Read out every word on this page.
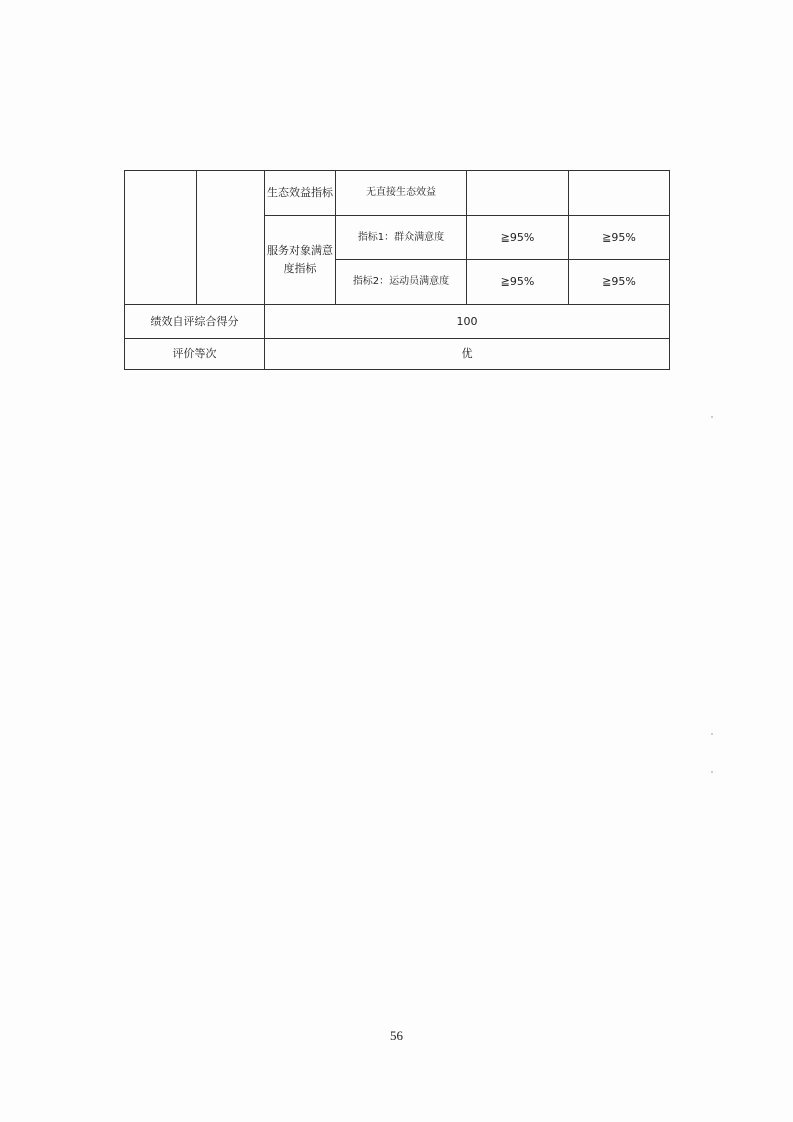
		生态效益指标	无直接生态效益		
		服务对象满意度指标	指标1：群众满意度	≧95%	≧95%
			指标2：运动员满意度	≧95%	≧95%
绩效自评综合得分		100			
评价等次		优			
56
